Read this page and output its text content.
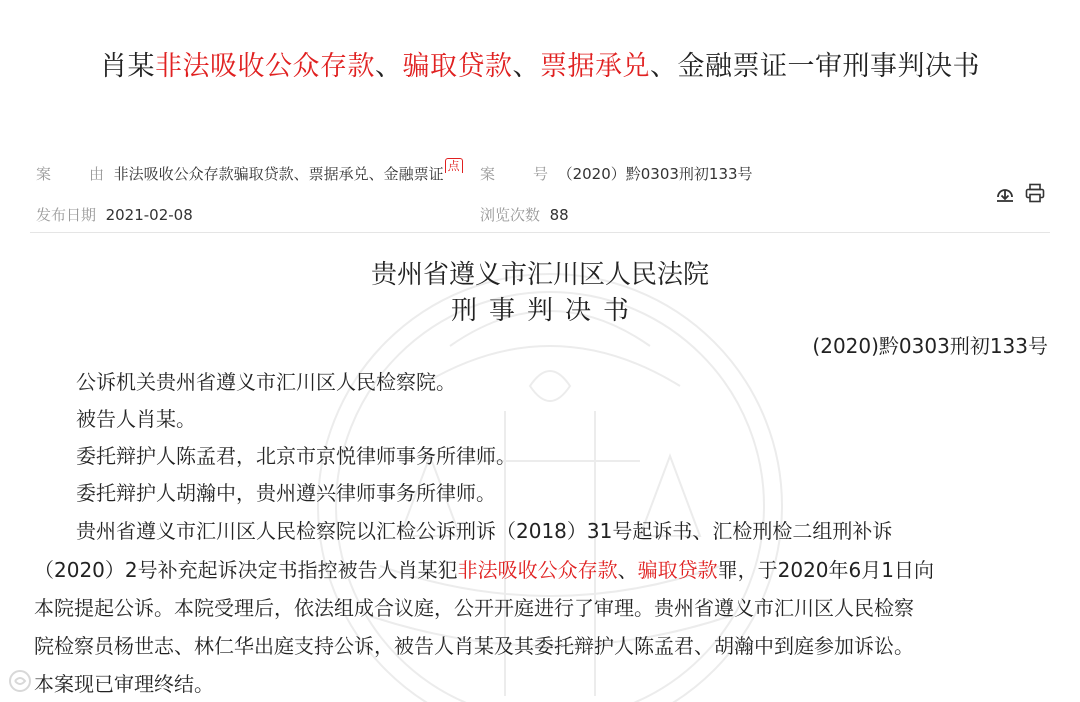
肖某非法吸收公众存款、骗取贷款、票据承兑、金融票证一审刑事判决书
案	由 非法吸收公众存款骗取贷款、票据承兑、金融票证 点 案	号 （2020）黔0303刑初133号
发布日期 2021-02-08	浏览次数 88
贵州省遵义市汇川区人民法院
刑事判决书
(2020)黔0303刑初133号
公诉机关贵州省遵义市汇川区人民检察院。
被告人肖某。
委托辩护人陈孟君，北京市京悦律师事务所律师。
委托辩护人胡瀚中，贵州遵兴律师事务所律师。
贵州省遵义市汇川区人民检察院以汇检公诉刑诉（2018）31号起诉书、汇检刑检二组刑补诉
（2020）2号补充起诉决定书指控被告人肖某犯非法吸收公众存款、骗取贷款罪，于2020年6月1日向
本院提起公诉。本院受理后，依法组成合议庭，公开开庭进行了审理。贵州省遵义市汇川区人民检察
院检察员杨世志、林仁华出庭支持公诉，被告人肖某及其委托辩护人陈孟君、胡瀚中到庭参加诉讼。
本案现已审理终结。
